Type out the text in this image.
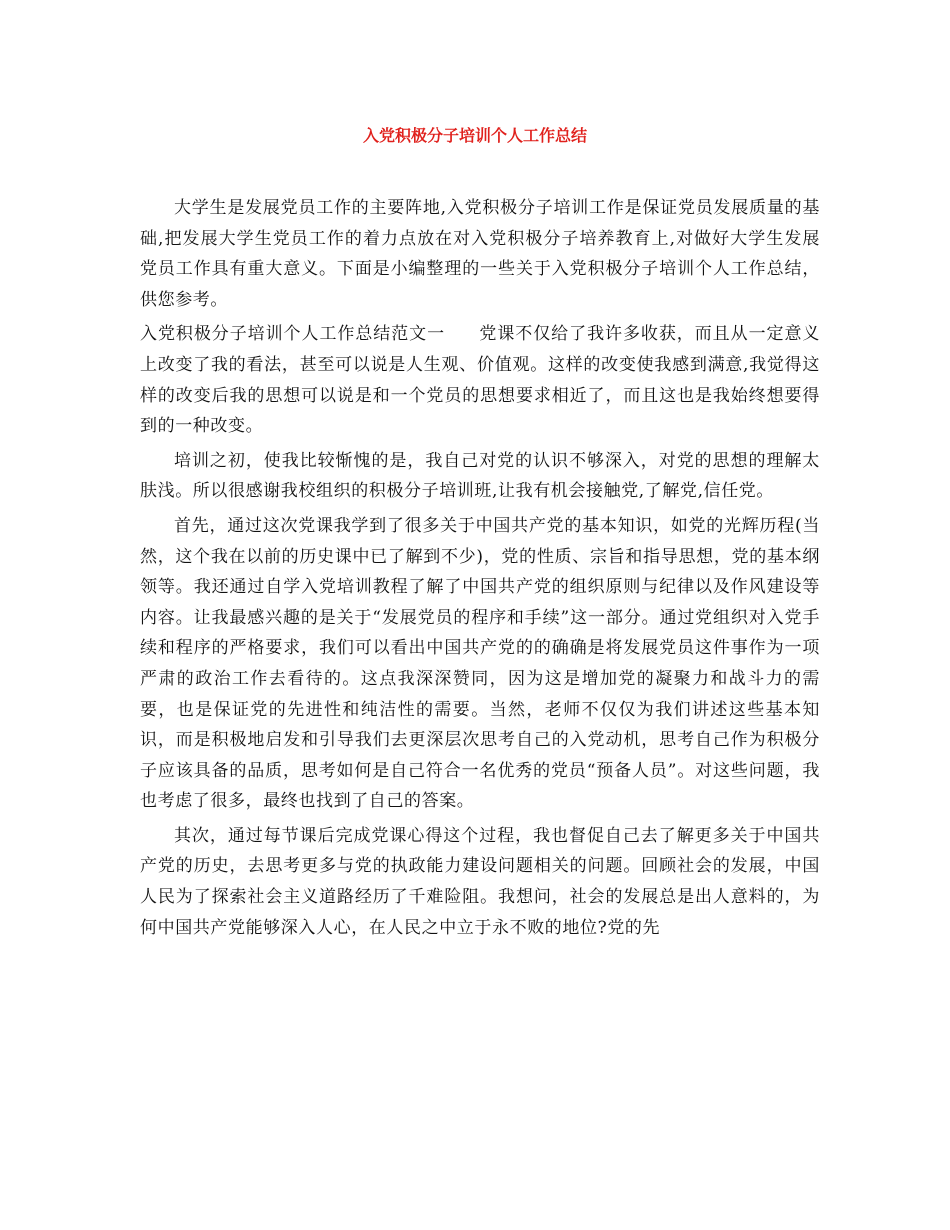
入党积极分子培训个人工作总结

大学生是发展党员工作的主要阵地,入党积极分子培训工作是保证党员发展质量的基础,把发展大学生党员工作的着力点放在对入党积极分子培养教育上,对做好大学生发展党员工作具有重大意义。下面是小编整理的一些关于入党积极分子培训个人工作总结，供您参考。

入党积极分子培训个人工作总结范文一 党课不仅给了我许多收获，而且从一定意义上改变了我的看法，甚至可以说是人生观、价值观。这样的改变使我感到满意,我觉得这样的改变后我的思想可以说是和一个党员的思想要求相近了，而且这也是我始终想要得到的一种改变。

培训之初，使我比较惭愧的是，我自己对党的认识不够深入，对党的思想的理解太肤浅。所以很感谢我校组织的积极分子培训班,让我有机会接触党,了解党,信任党。

首先，通过这次党课我学到了很多关于中国共产党的基本知识，如党的光辉历程(当然，这个我在以前的历史课中已了解到不少)，党的性质、宗旨和指导思想，党的基本纲领等。我还通过自学入党培训教程了解了中国共产党的组织原则与纪律以及作风建设等内容。让我最感兴趣的是关于“发展党员的程序和手续”这一部分。通过党组织对入党手续和程序的严格要求，我们可以看出中国共产党的的确确是将发展党员这件事作为一项严肃的政治工作去看待的。这点我深深赞同，因为这是增加党的凝聚力和战斗力的需要，也是保证党的先进性和纯洁性的需要。当然，老师不仅仅为我们讲述这些基本知识，而是积极地启发和引导我们去更深层次思考自己的入党动机，思考自己作为积极分子应该具备的品质，思考如何是自己符合一名优秀的党员“预备人员”。对这些问题，我也考虑了很多，最终也找到了自己的答案。

其次，通过每节课后完成党课心得这个过程，我也督促自己去了解更多关于中国共产党的历史，去思考更多与党的执政能力建设问题相关的问题。回顾社会的发展，中国人民为了探索社会主义道路经历了千难险阻。我想问，社会的发展总是出人意料的，为何中国共产党能够深入人心，在人民之中立于永不败的地位?党的先
